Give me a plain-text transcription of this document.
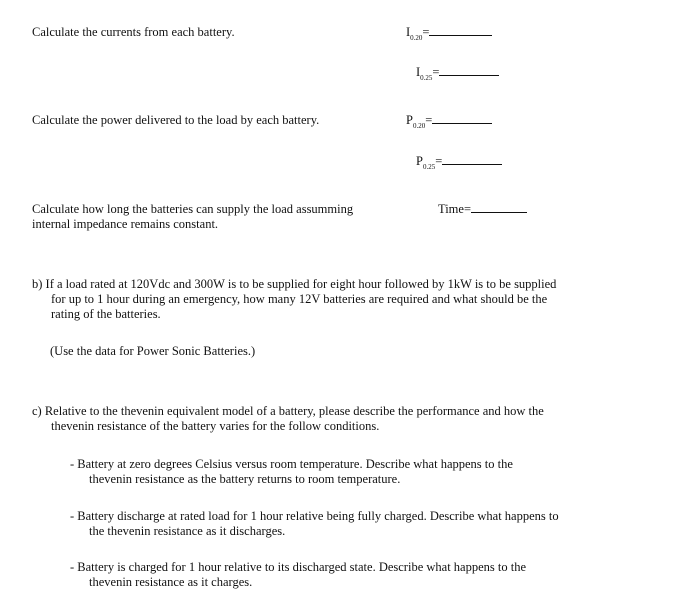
Calculate the currents from each battery.
Calculate the power delivered to the load by each battery.
Calculate how long the batteries can supply the load assumming internal impedance remains constant.
$I_{0.20}=$
$I_{0.25}=$
$P_{0.20}=$
$P_{0.25}=$
Time=
b) If a load rated at 120Vdc and 300W is to be supplied for eight hour followed by 1kW is to be supplied for up to 1 hour during an emergency, how many 12V batteries are required and what should be the rating of the batteries.
(Use the data for Power Sonic Batteries.)
c) Relative to the thevenin equivalent model of a battery, please describe the performance and how the thevenin resistance of the battery varies for the follow conditions.
- Battery at zero degrees Celsius versus room temperature. Describe what happens to the thevenin resistance as the battery returns to room temperature.
- Battery discharge at rated load for 1 hour relative being fully charged. Describe what happens to the thevenin resistance as it discharges.
- Battery is charged for 1 hour relative to its discharged state. Describe what happens to the thevenin resistance as it charges.
